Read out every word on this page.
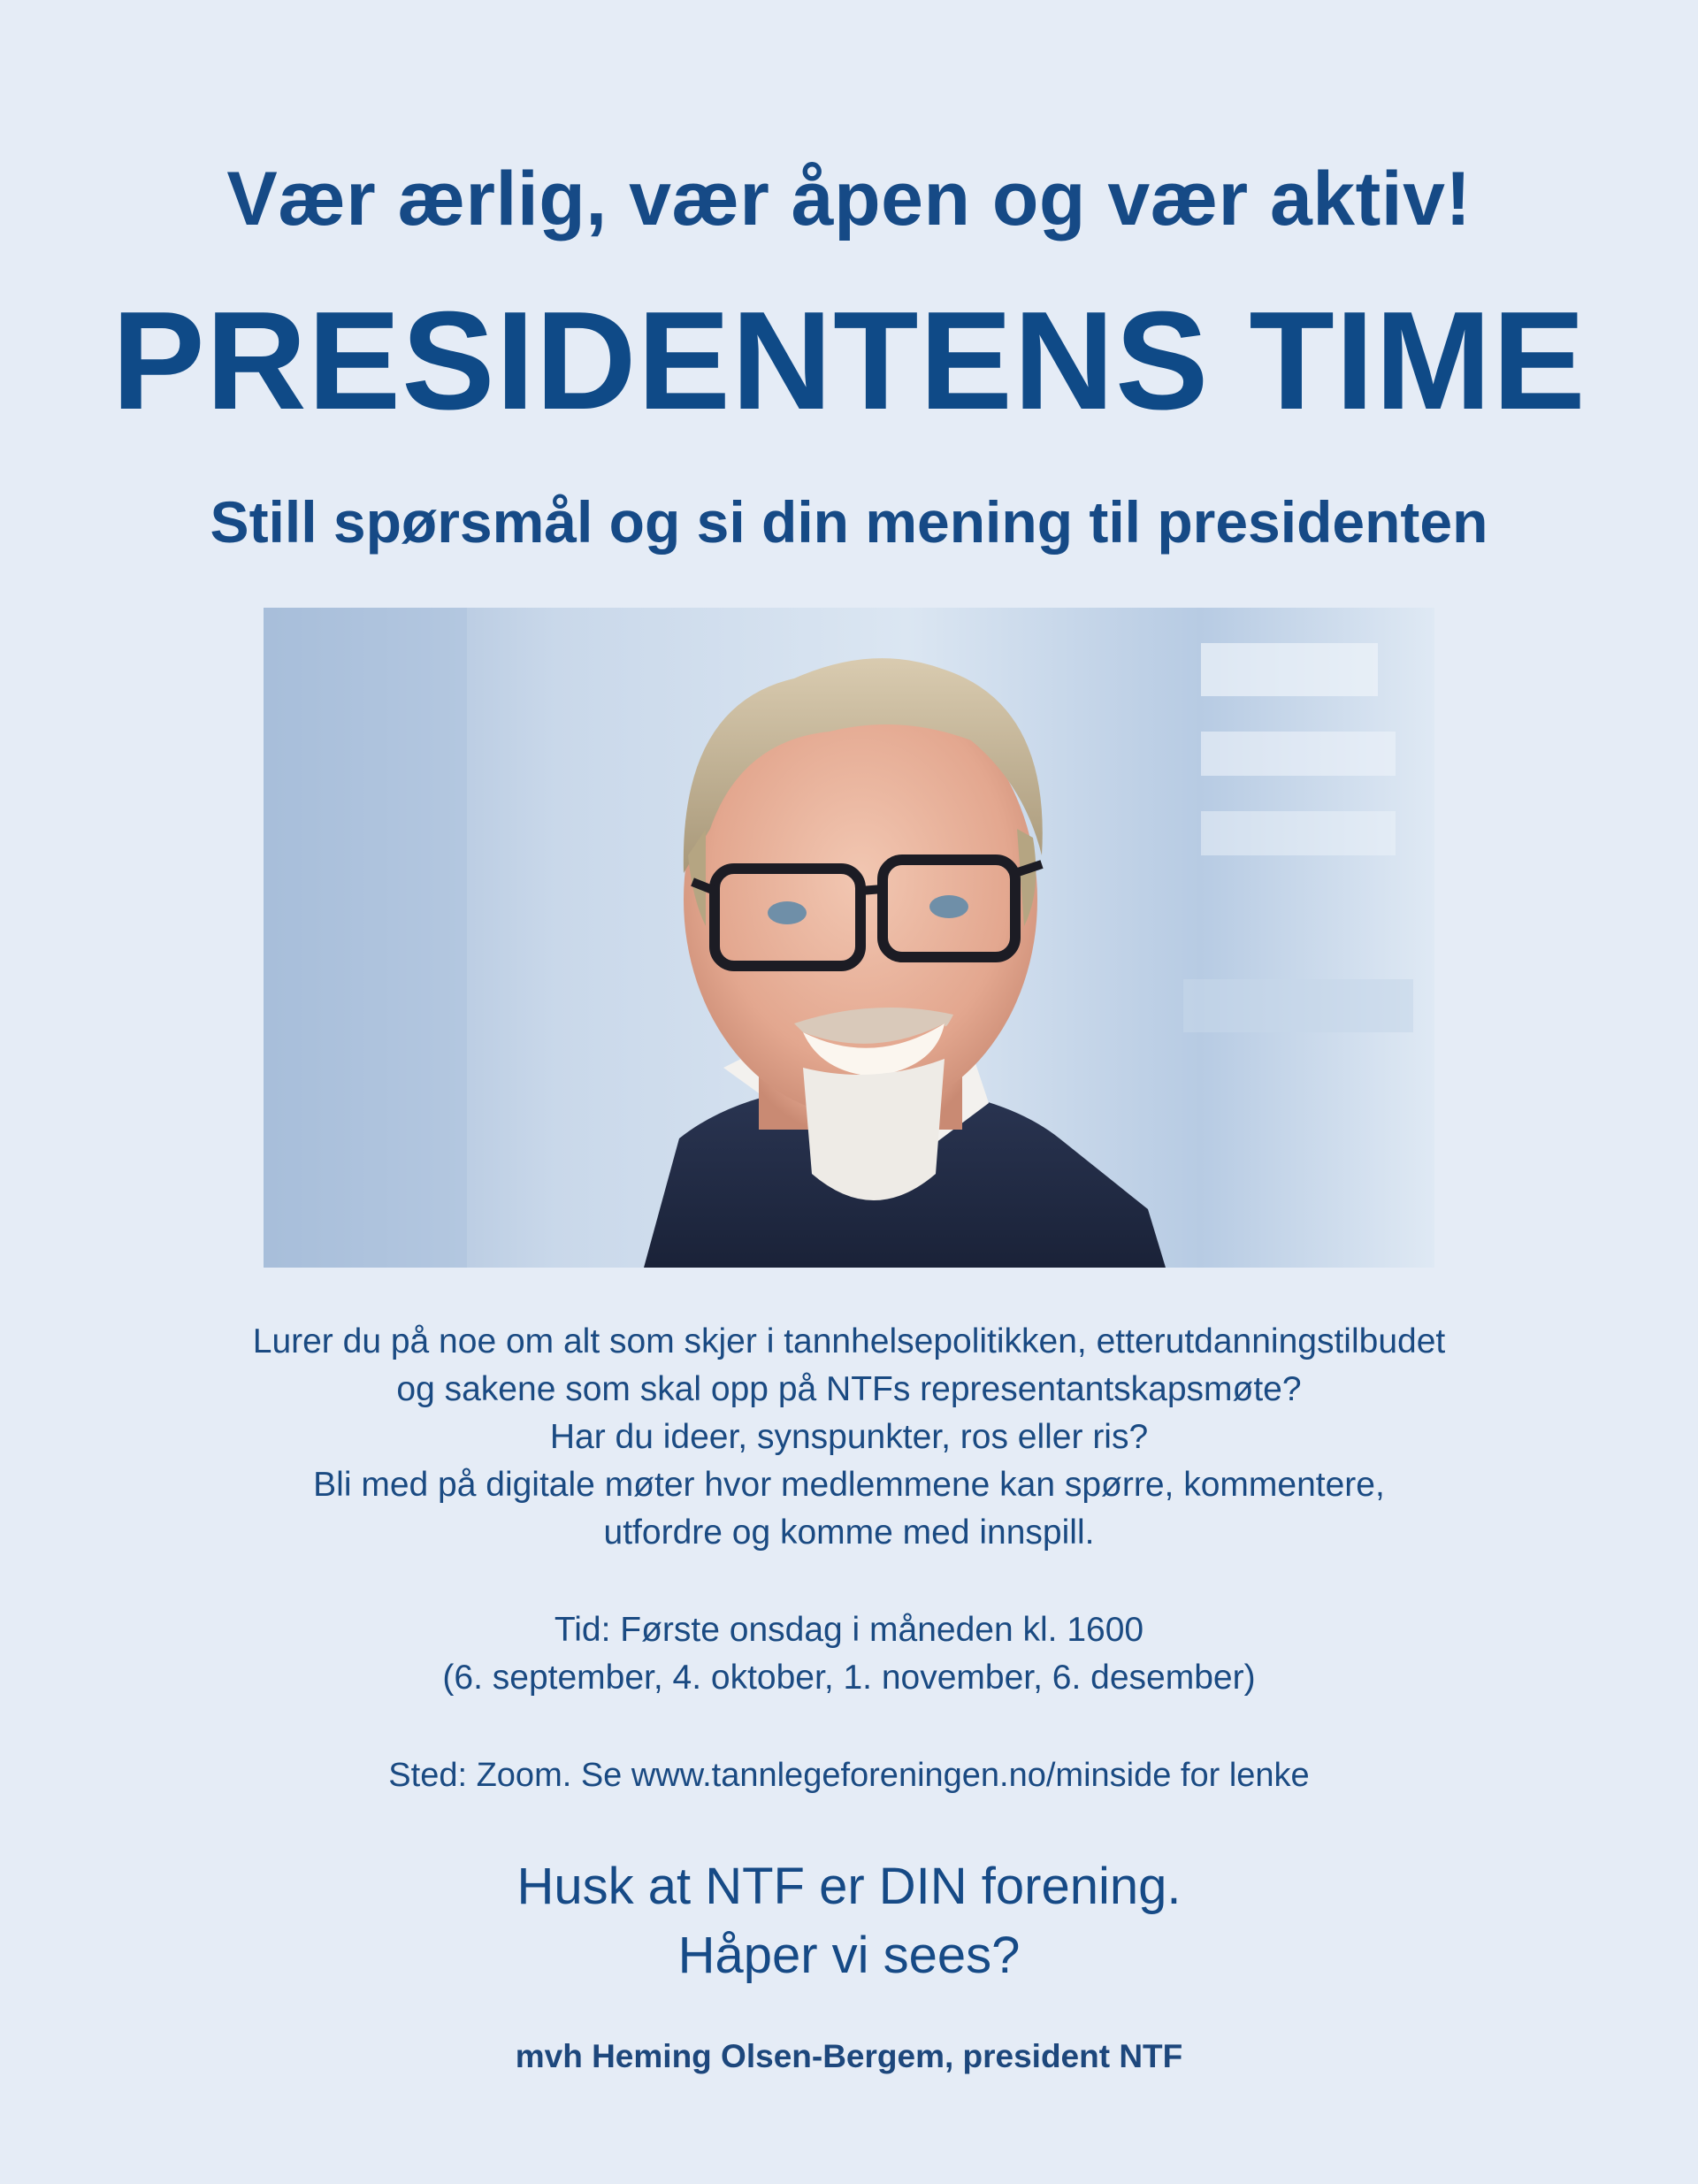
Vær ærlig, vær åpen og vær aktiv!
PRESIDENTENS TIME
Still spørsmål og si din mening til presidenten
Lurer du på noe om alt som skjer i tannhelsepolitikken, etterutdanningstilbudet
og sakene som skal opp på NTFs representantskapsmøte?
Har du ideer, synspunkter, ros eller ris?
Bli med på digitale møter hvor medlemmene kan spørre, kommentere,
utfordre og komme med innspill.
Tid: Første onsdag i måneden kl. 1600
(6. september, 4. oktober, 1. november, 6. desember)
Sted: Zoom. Se www.tannlegeforeningen.no/minside for lenke
Husk at NTF er DIN forening.
Håper vi sees?
mvh Heming Olsen-Bergem, president NTF
